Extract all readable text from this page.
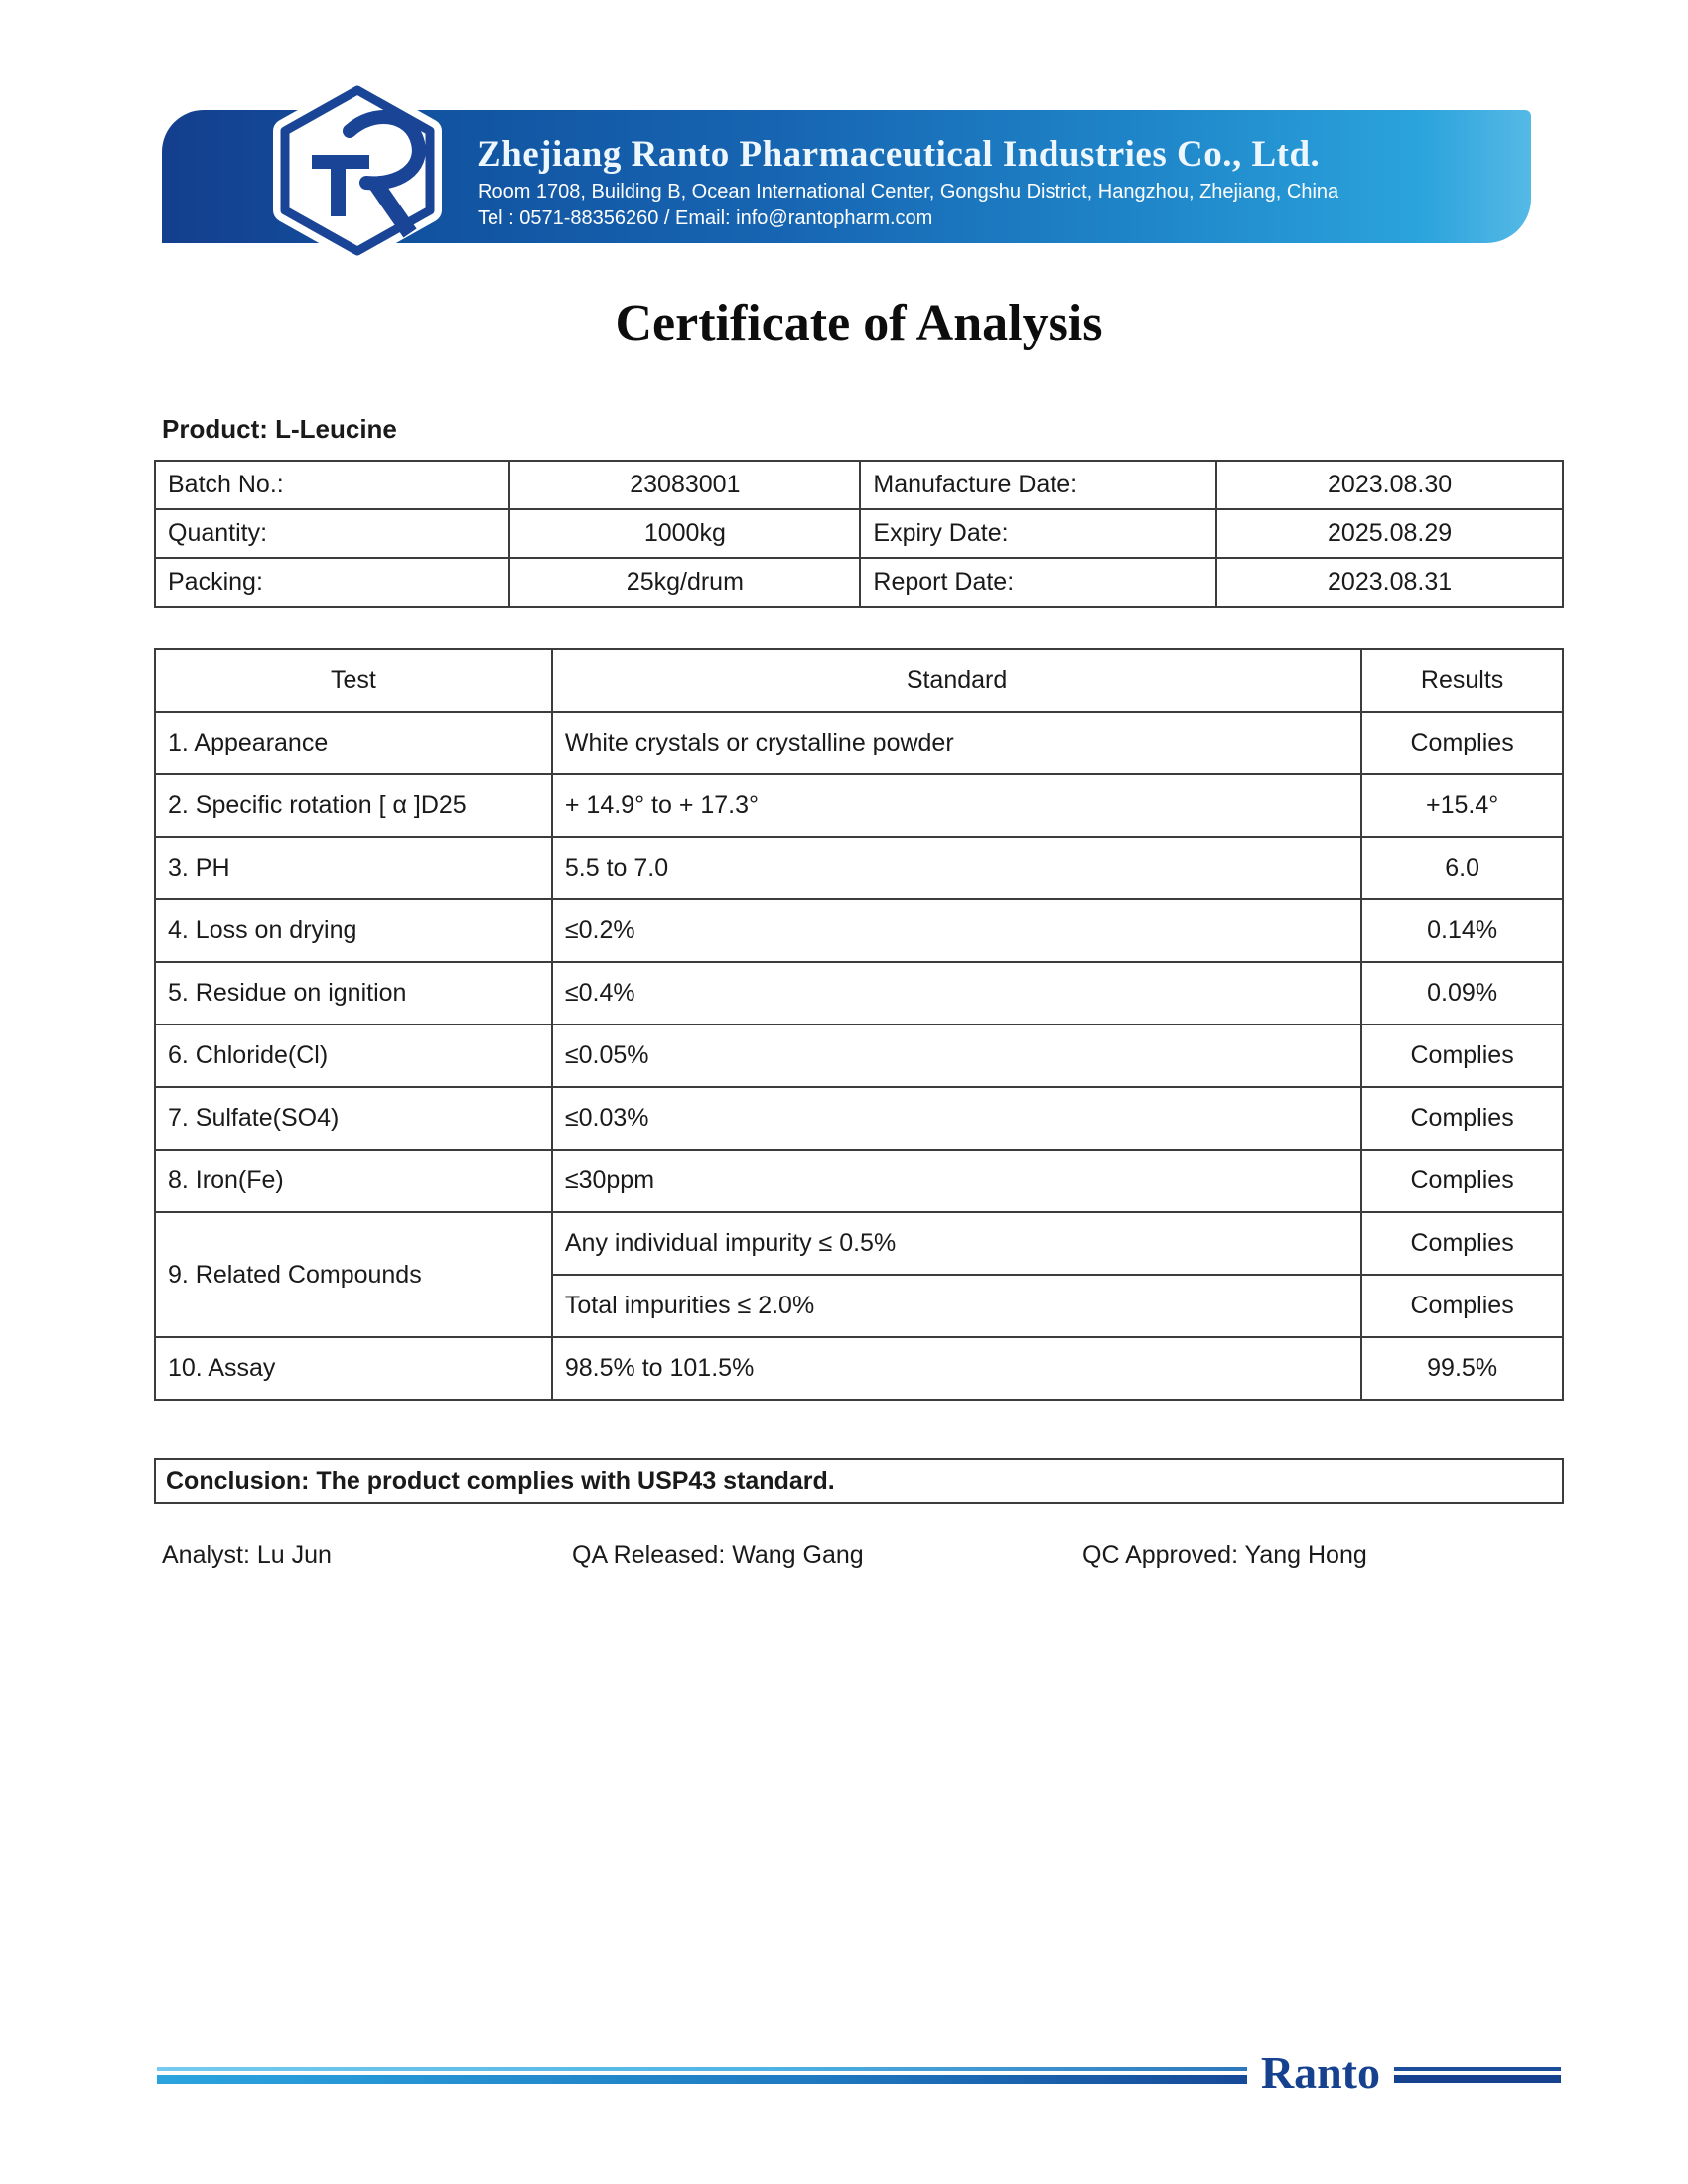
Zhejiang Ranto Pharmaceutical Industries Co., Ltd.
Room 1708, Building B, Ocean International Center, Gongshu District, Hangzhou, Zhejiang, China
Tel : 0571-88356260 / Email: info@rantopharm.com
Certificate of Analysis
Product: L-Leucine
Batch No.:	23083001	Manufacture Date:	2023.08.30
Quantity:	1000kg	Expiry Date:	2025.08.29
Packing:	25kg/drum	Report Date:	2023.08.31
Test	Standard	Results
1. Appearance	White crystals or crystalline powder	Complies
2. Specific rotation [ α ]D25	+ 14.9° to + 17.3°	+15.4°
3. PH	5.5 to 7.0	6.0
4. Loss on drying	≤0.2%	0.14%
5. Residue on ignition	≤0.4%	0.09%
6. Chloride(Cl)	≤0.05%	Complies
7. Sulfate(SO4)	≤0.03%	Complies
8. Iron(Fe)	≤30ppm	Complies
9. Related Compounds	Any individual impurity ≤ 0.5%	Complies
	Total impurities ≤ 2.0%	Complies
10. Assay	98.5% to 101.5%	99.5%
Conclusion: The product complies with USP43 standard.
Analyst: Lu Jun	QA Released: Wang Gang	QC Approved: Yang Hong
Ranto
